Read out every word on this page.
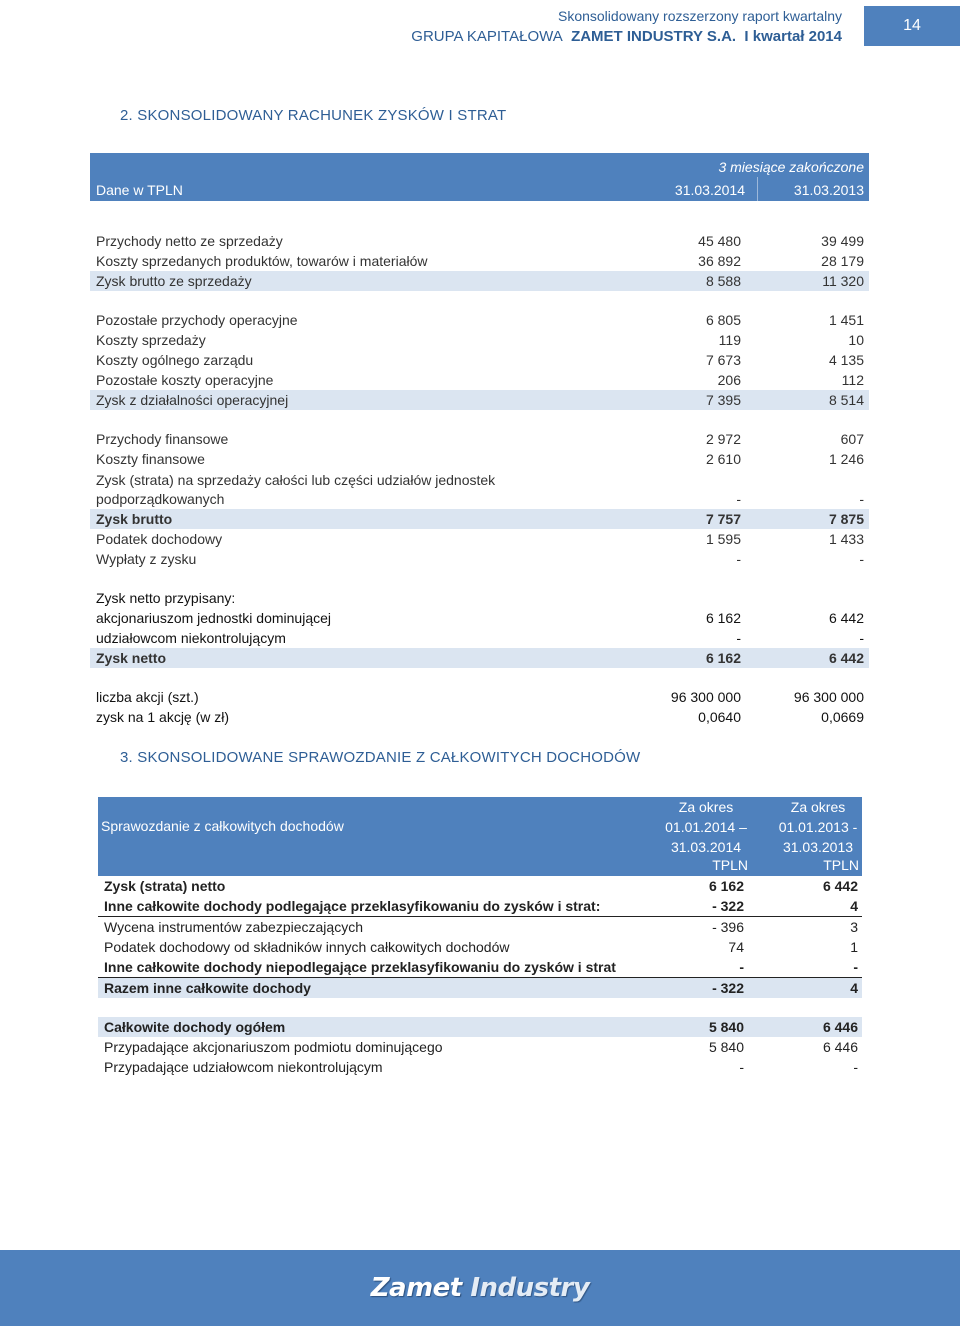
Skonsolidowany rozszerzony raport kwartalny
GRUPA KAPITAŁOWA ZAMET INDUSTRY S.A. I kwartał 2014
14
2. SKONSOLIDOWANY RACHUNEK ZYSKÓW I STRAT
3 miesiące zakończone
Dane w TPLN	31.03.2014	31.03.2013
Przychody netto ze sprzedaży	45 480	39 499
Koszty sprzedanych produktów, towarów i materiałów	36 892	28 179
Zysk brutto ze sprzedaży	8 588	11 320
Pozostałe przychody operacyjne	6 805	1 451
Koszty sprzedaży	119	10
Koszty ogólnego zarządu	7 673	4 135
Pozostałe koszty operacyjne	206	112
Zysk z działalności operacyjnej	7 395	8 514
Przychody finansowe	2 972	607
Koszty finansowe	2 610	1 246
Zysk (strata) na sprzedaży całości lub części udziałów jednostek podporządkowanych	-	-
Zysk brutto	7 757	7 875
Podatek dochodowy	1 595	1 433
Wypłaty z zysku	-	-
Zysk netto przypisany:
akcjonariuszom jednostki dominującej	6 162	6 442
udziałowcom niekontrolującym	-	-
Zysk netto	6 162	6 442
liczba akcji (szt.)	96 300 000	96 300 000
zysk na 1 akcję (w zł)	0,0640	0,0669
3. SKONSOLIDOWANE SPRAWOZDANIE Z CAŁKOWITYCH DOCHODÓW
Sprawozdanie z całkowitych dochodów
Za okres
01.01.2014 –
31.03.2014
Za okres
01.01.2013 -
31.03.2013
TPLN	TPLN
Zysk (strata) netto	6 162	6 442
Inne całkowite dochody podlegające przeklasyfikowaniu do zysków i strat:	- 322	4
Wycena instrumentów zabezpieczających	- 396	3
Podatek dochodowy od składników innych całkowitych dochodów	74	1
Inne całkowite dochody niepodlegające przeklasyfikowaniu do zysków i strat	-	-
Razem inne całkowite dochody	- 322	4
Całkowite dochody ogółem	5 840	6 446
Przypadające akcjonariuszom podmiotu dominującego	5 840	6 446
Przypadające udziałowcom niekontrolującym	-	-
Zamet Industry
